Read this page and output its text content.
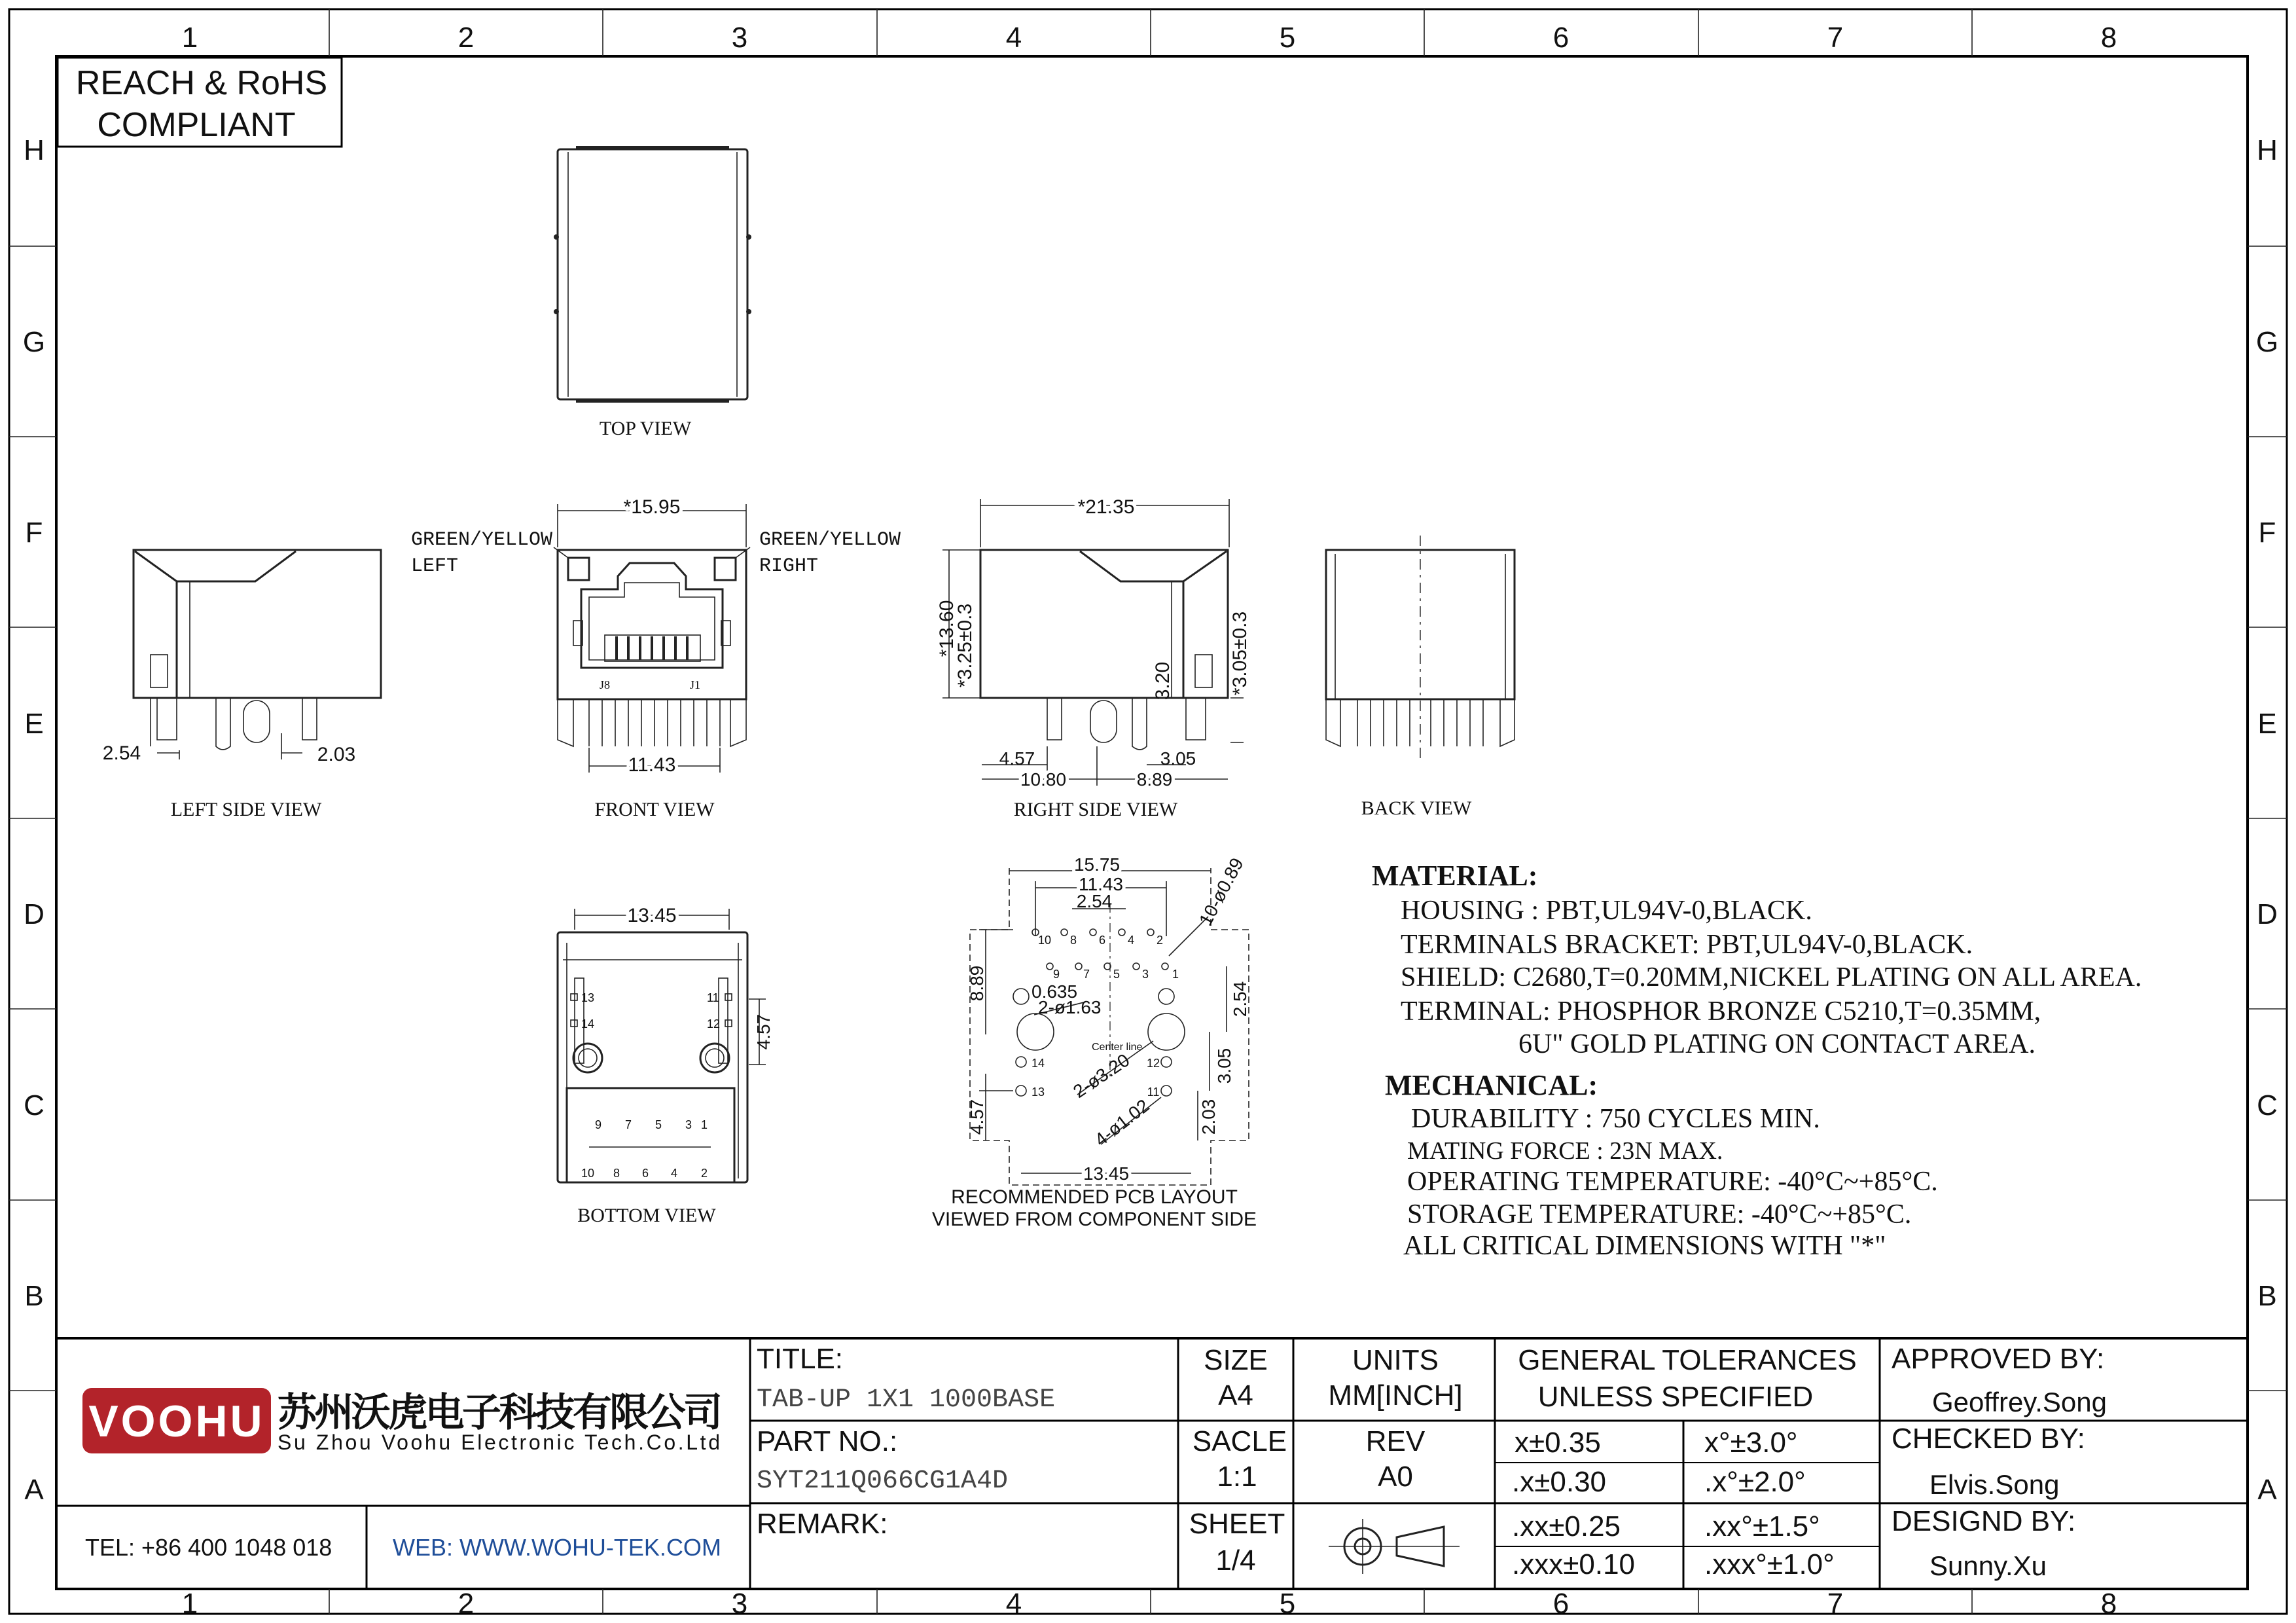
1	2	3	4	5	6	7	8
1	2	3	4	5	6	7	8
H
G
F
E
D
C
B
A
H
G
F
E
D
C
B
A
REACH & RoHS
COMPLIANT
TOP VIEW
2.54	2.03
LEFT SIDE VIEW
*15.95
J8	J1
11.43
GREEN/YELLOW
LEFT
GREEN/YELLOW
RIGHT
FRONT VIEW
*21.35
*13.60
*3.25±0.3	3.20	*3.05±0.3
4.57	3.05
10.80	8.89
RIGHT SIDE VIEW	BACK VIEW
13.45
13
14
11
12 4.57
9 7 5 3 1
10 8 6 4 2
BOTTOM VIEW
Center line
15.75
11.43
2.54
10 8 6 4 2
9 7 5 3 1
14
13
12
11
10-ø0.89
0.635
2-ø1.63
2-ø3.20
4-ø1.02
8.89
4.57
2.54
3.05
2.03
13.45
RECOMMENDED PCB LAYOUT
VIEWED FROM COMPONENT SIDE
MATERIAL:
HOUSING : PBT,UL94V-0,BLACK.
TERMINALS BRACKET: PBT,UL94V-0,BLACK.
SHIELD: C2680,T=0.20MM,NICKEL PLATING ON ALL AREA.
TERMINAL: PHOSPHOR BRONZE C5210,T=0.35MM,
6U" GOLD PLATING ON CONTACT AREA.
MECHANICAL:
DURABILITY : 750 CYCLES MIN.
MATING FORCE : 23N MAX.
OPERATING TEMPERATURE: -40°C~+85°C.
STORAGE TEMPERATURE: -40°C~+85°C.
ALL CRITICAL DIMENSIONS WITH "*"
VOOHU 苏州沃虎电子科技有限公司
Su Zhou Voohu Electronic Tech.Co.Ltd
TEL: +86 400 1048 018	WEB: WWW.WOHU-TEK.COM
TITLE:
TAB-UP 1X1 1000BASE
PART NO.:
SYT211Q066CG1A4D
REMARK:
SIZE
A4
SACLE
1:1
SHEET
1/4
UNITS
MM[INCH]
REV
A0
GENERAL TOLERANCES
UNLESS SPECIFIED
x±0.35	x°±3.0°
.x±0.30	.x°±2.0°
.xx±0.25	.xx°±1.5°
.xxx±0.10 .xxx°±1.0°
APPROVED BY:
Geoffrey.Song
CHECKED BY:
Elvis.Song
DESIGND BY:
Sunny.Xu
